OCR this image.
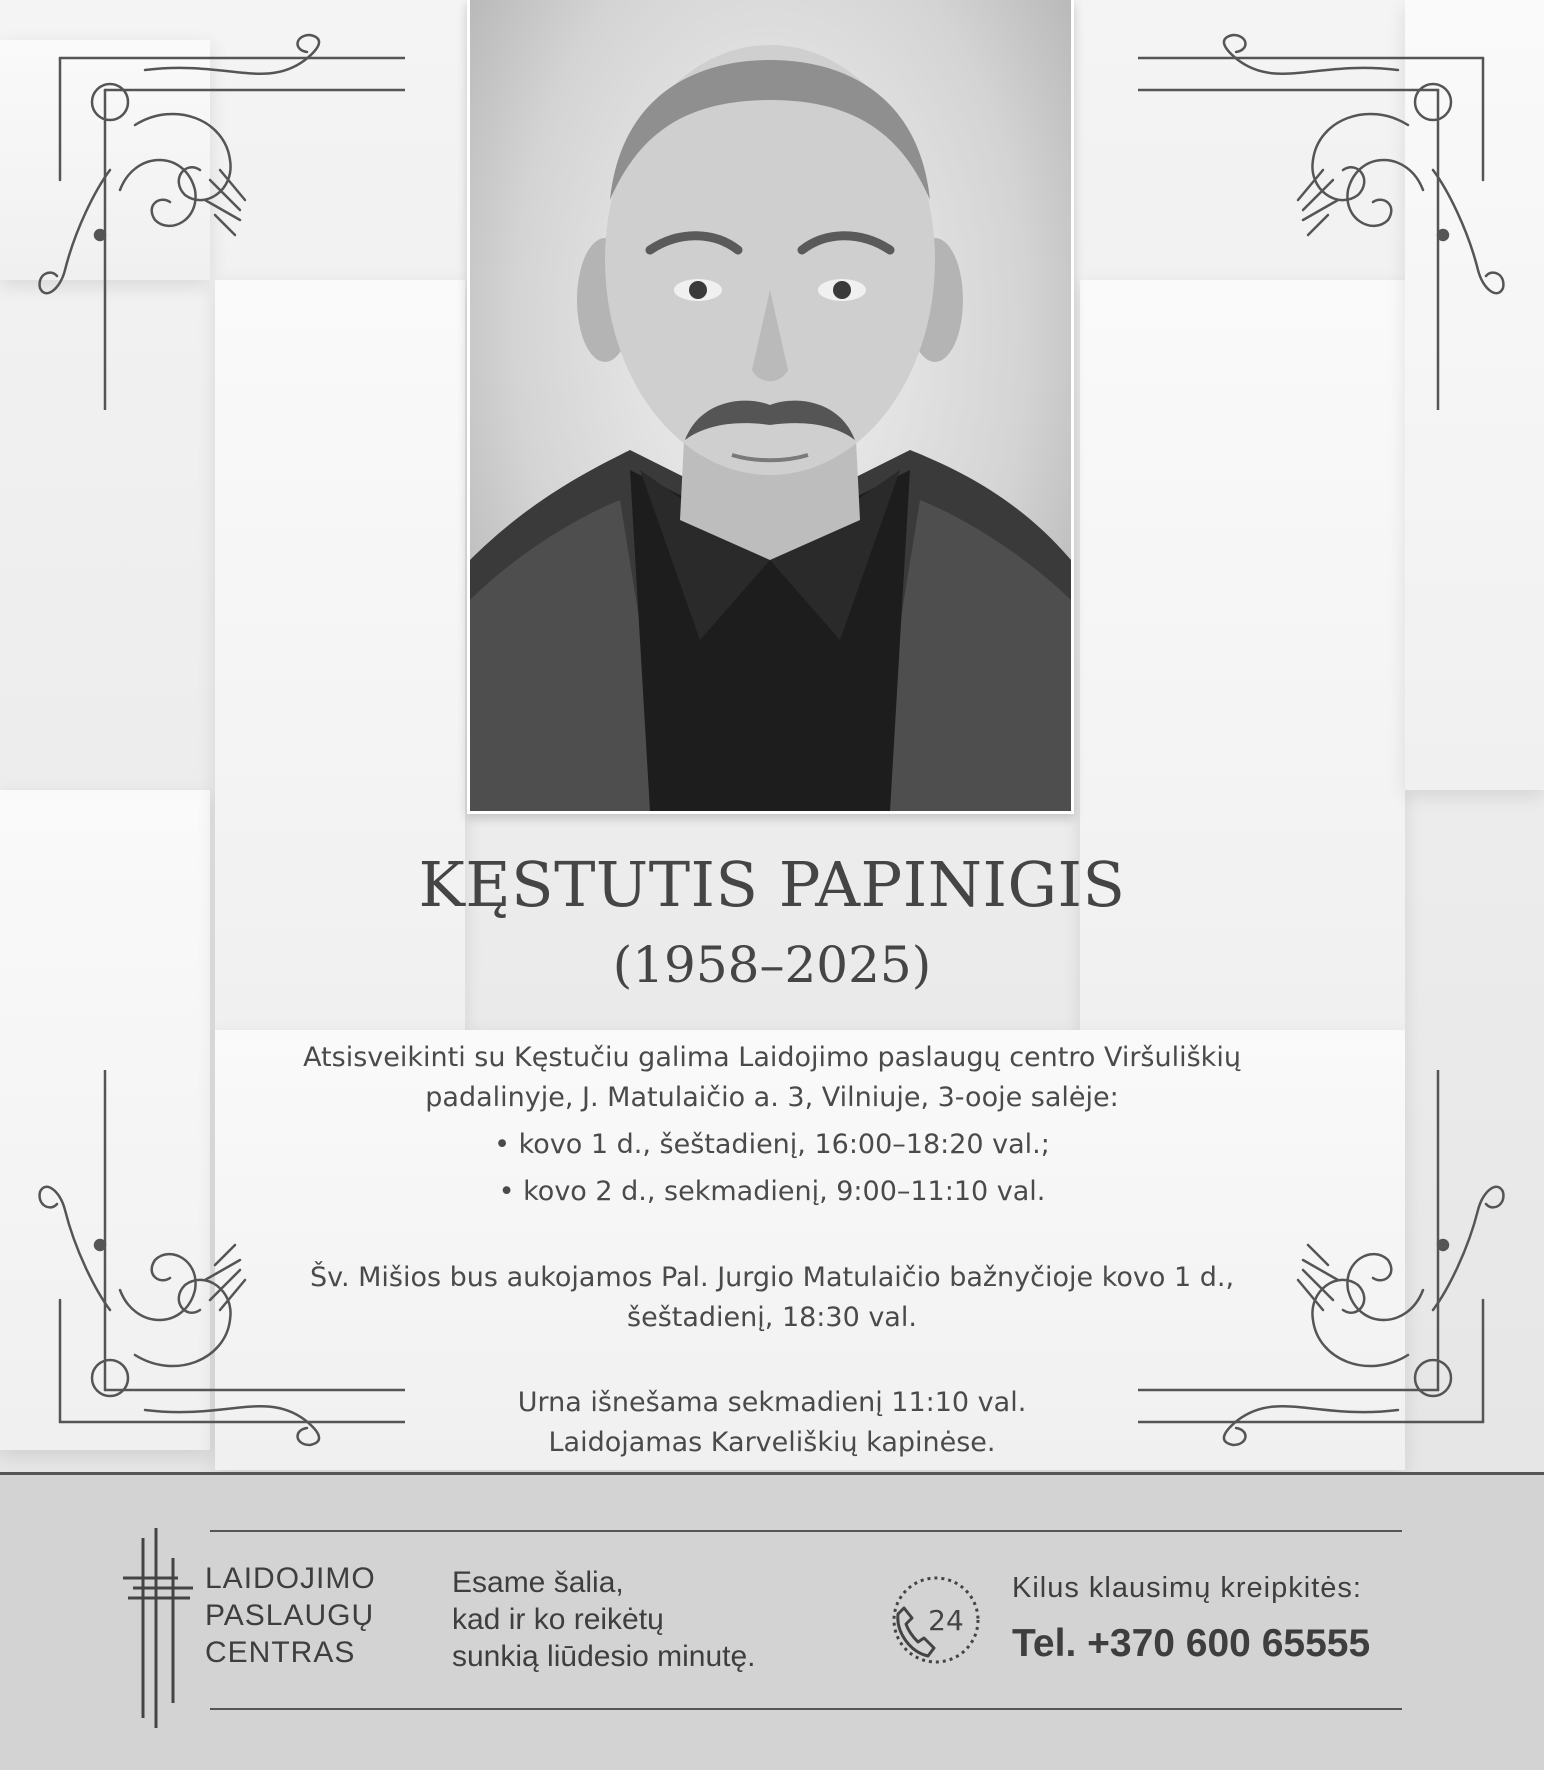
KĘSTUTIS PAPINIGIS
(1958–2025)
Atsisveikinti su Kęstučiu galima Laidojimo paslaugų centro Viršuliškių
padalinyje, J. Matulaičio a. 3, Vilniuje, 3-ooje salėje:
• kovo 1 d., šeštadienį, 16:00–18:20 val.;
• kovo 2 d., sekmadienį, 9:00–11:10 val.
Šv. Mišios bus aukojamos Pal. Jurgio Matulaičio bažnyčioje kovo 1 d.,
šeštadienį, 18:30 val.
Urna išnešama sekmadienį 11:10 val.
Laidojamas Karveliškių kapinėse.
LAIDOJIMO
PASLAUGŲ
CENTRAS
Esame šalia,
kad ir ko reikėtų
sunkią liūdesio minutę.
24
Kilus klausimų kreipkitės:
Tel. +370 600 65555
